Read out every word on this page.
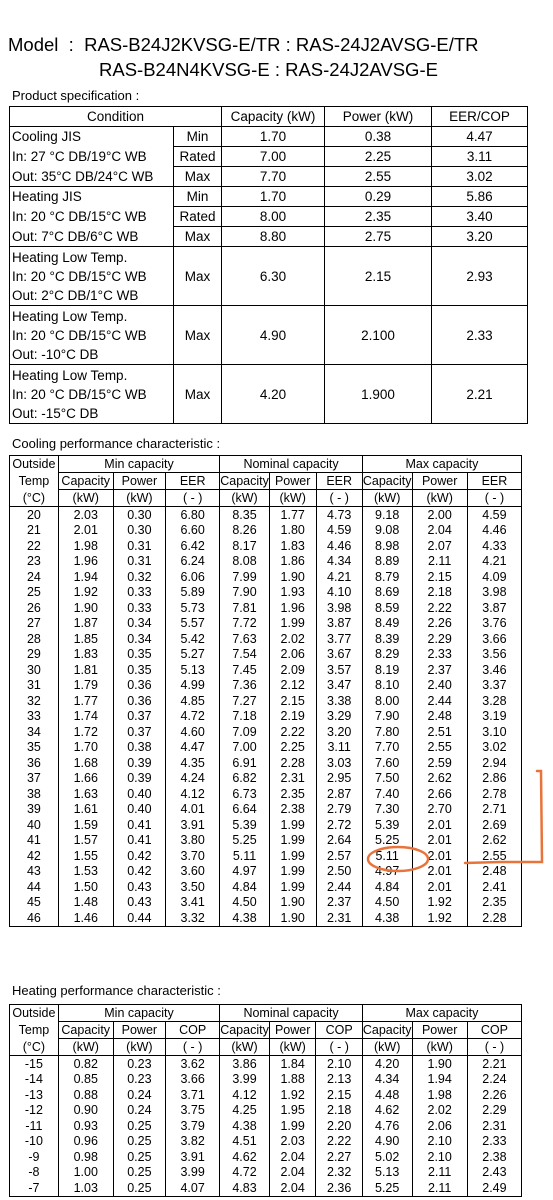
Model  : RAS-B24J2KVSG-E/TR : RAS-24J2AVSG-E/TR
RAS-B24N4KVSG-E : RAS-24J2AVSG-E
Product specification :
Condition		Capacity (kW)	Power (kW)	EER/COP
Cooling JIS	Min	1.70	0.38	4.47
In: 27 °C DB/19°C WB	Rated	7.00	2.25	3.11
Out: 35°C DB/24°C WB	Max	7.70	2.55	3.02
Heating JIS	Min	1.70	0.29	5.86
In: 20 °C DB/15°C WB	Rated	8.00	2.35	3.40
Out: 7°C DB/6°C WB	Max	8.80	2.75	3.20

Heating Low Temp.
In: 20 °C DB/15°C WB
Out: 2°C DB/1°C WB	Max	6.30	2.15	2.93

Heating Low Temp.
In: 20 °C DB/15°C WB
Out: -10°C DB	Max	4.90	2.100	2.33

Heating Low Temp.
In: 20 °C DB/15°C WB
Out: -15°C DB	Max	4.20	1.900	2.21
Cooling performance characteristic :
Outside	Min capacity			Nominal capacity			Max capacity		
Temp	Capacity	Power	EER	Capacity	Power	EER	Capacity	Power	EER
(°C)	(kW)	(kW)	( - )	(kW)	(kW)	( - )	(kW)	(kW)	( - )
20	2.03	0.30	6.80	8.35	1.77	4.73	9.18	2.00	4.59
21	2.01	0.30	6.60	8.26	1.80	4.59	9.08	2.04	4.46
22	1.98	0.31	6.42	8.17	1.83	4.46	8.98	2.07	4.33
23	1.96	0.31	6.24	8.08	1.86	4.34	8.89	2.11	4.21
24	1.94	0.32	6.06	7.99	1.90	4.21	8.79	2.15	4.09
25	1.92	0.33	5.89	7.90	1.93	4.10	8.69	2.18	3.98
26	1.90	0.33	5.73	7.81	1.96	3.98	8.59	2.22	3.87
27	1.87	0.34	5.57	7.72	1.99	3.87	8.49	2.26	3.76
28	1.85	0.34	5.42	7.63	2.02	3.77	8.39	2.29	3.66
29	1.83	0.35	5.27	7.54	2.06	3.67	8.29	2.33	3.56
30	1.81	0.35	5.13	7.45	2.09	3.57	8.19	2.37	3.46
31	1.79	0.36	4.99	7.36	2.12	3.47	8.10	2.40	3.37
32	1.77	0.36	4.85	7.27	2.15	3.38	8.00	2.44	3.28
33	1.74	0.37	4.72	7.18	2.19	3.29	7.90	2.48	3.19
34	1.72	0.37	4.60	7.09	2.22	3.20	7.80	2.51	3.10
35	1.70	0.38	4.47	7.00	2.25	3.11	7.70	2.55	3.02
36	1.68	0.39	4.35	6.91	2.28	3.03	7.60	2.59	2.94
37	1.66	0.39	4.24	6.82	2.31	2.95	7.50	2.62	2.86
38	1.63	0.40	4.12	6.73	2.35	2.87	7.40	2.66	2.78
39	1.61	0.40	4.01	6.64	2.38	2.79	7.30	2.70	2.71
40	1.59	0.41	3.91	5.39	1.99	2.72	5.39	2.01	2.69
41	1.57	0.41	3.80	5.25	1.99	2.64	5.25	2.01	2.62
42	1.55	0.42	3.70	5.11	1.99	2.57	5.11	2.01	2.55
43	1.53	0.42	3.60	4.97	1.99	2.50	4.97	2.01	2.48
44	1.50	0.43	3.50	4.84	1.99	2.44	4.84	2.01	2.41
45	1.48	0.43	3.41	4.50	1.90	2.37	4.50	1.92	2.35
46	1.46	0.44	3.32	4.38	1.90	2.31	4.38	1.92	2.28
Heating performance characteristic :
Outside	Min capacity			Nominal capacity			Max capacity		
Temp	Capacity	Power	COP	Capacity	Power	COP	Capacity	Power	COP
(°C)	(kW)	(kW)	( - )	(kW)	(kW)	( - )	(kW)	(kW)	( - )
-15	0.82	0.23	3.62	3.86	1.84	2.10	4.20	1.90	2.21
-14	0.85	0.23	3.66	3.99	1.88	2.13	4.34	1.94	2.24
-13	0.88	0.24	3.71	4.12	1.92	2.15	4.48	1.98	2.26
-12	0.90	0.24	3.75	4.25	1.95	2.18	4.62	2.02	2.29
-11	0.93	0.25	3.79	4.38	1.99	2.20	4.76	2.06	2.31
-10	0.96	0.25	3.82	4.51	2.03	2.22	4.90	2.10	2.33
-9	0.98	0.25	3.91	4.62	2.04	2.27	5.02	2.10	2.38
-8	1.00	0.25	3.99	4.72	2.04	2.32	5.13	2.11	2.43
-7	1.03	0.25	4.07	4.83	2.04	2.36	5.25	2.11	2.49
